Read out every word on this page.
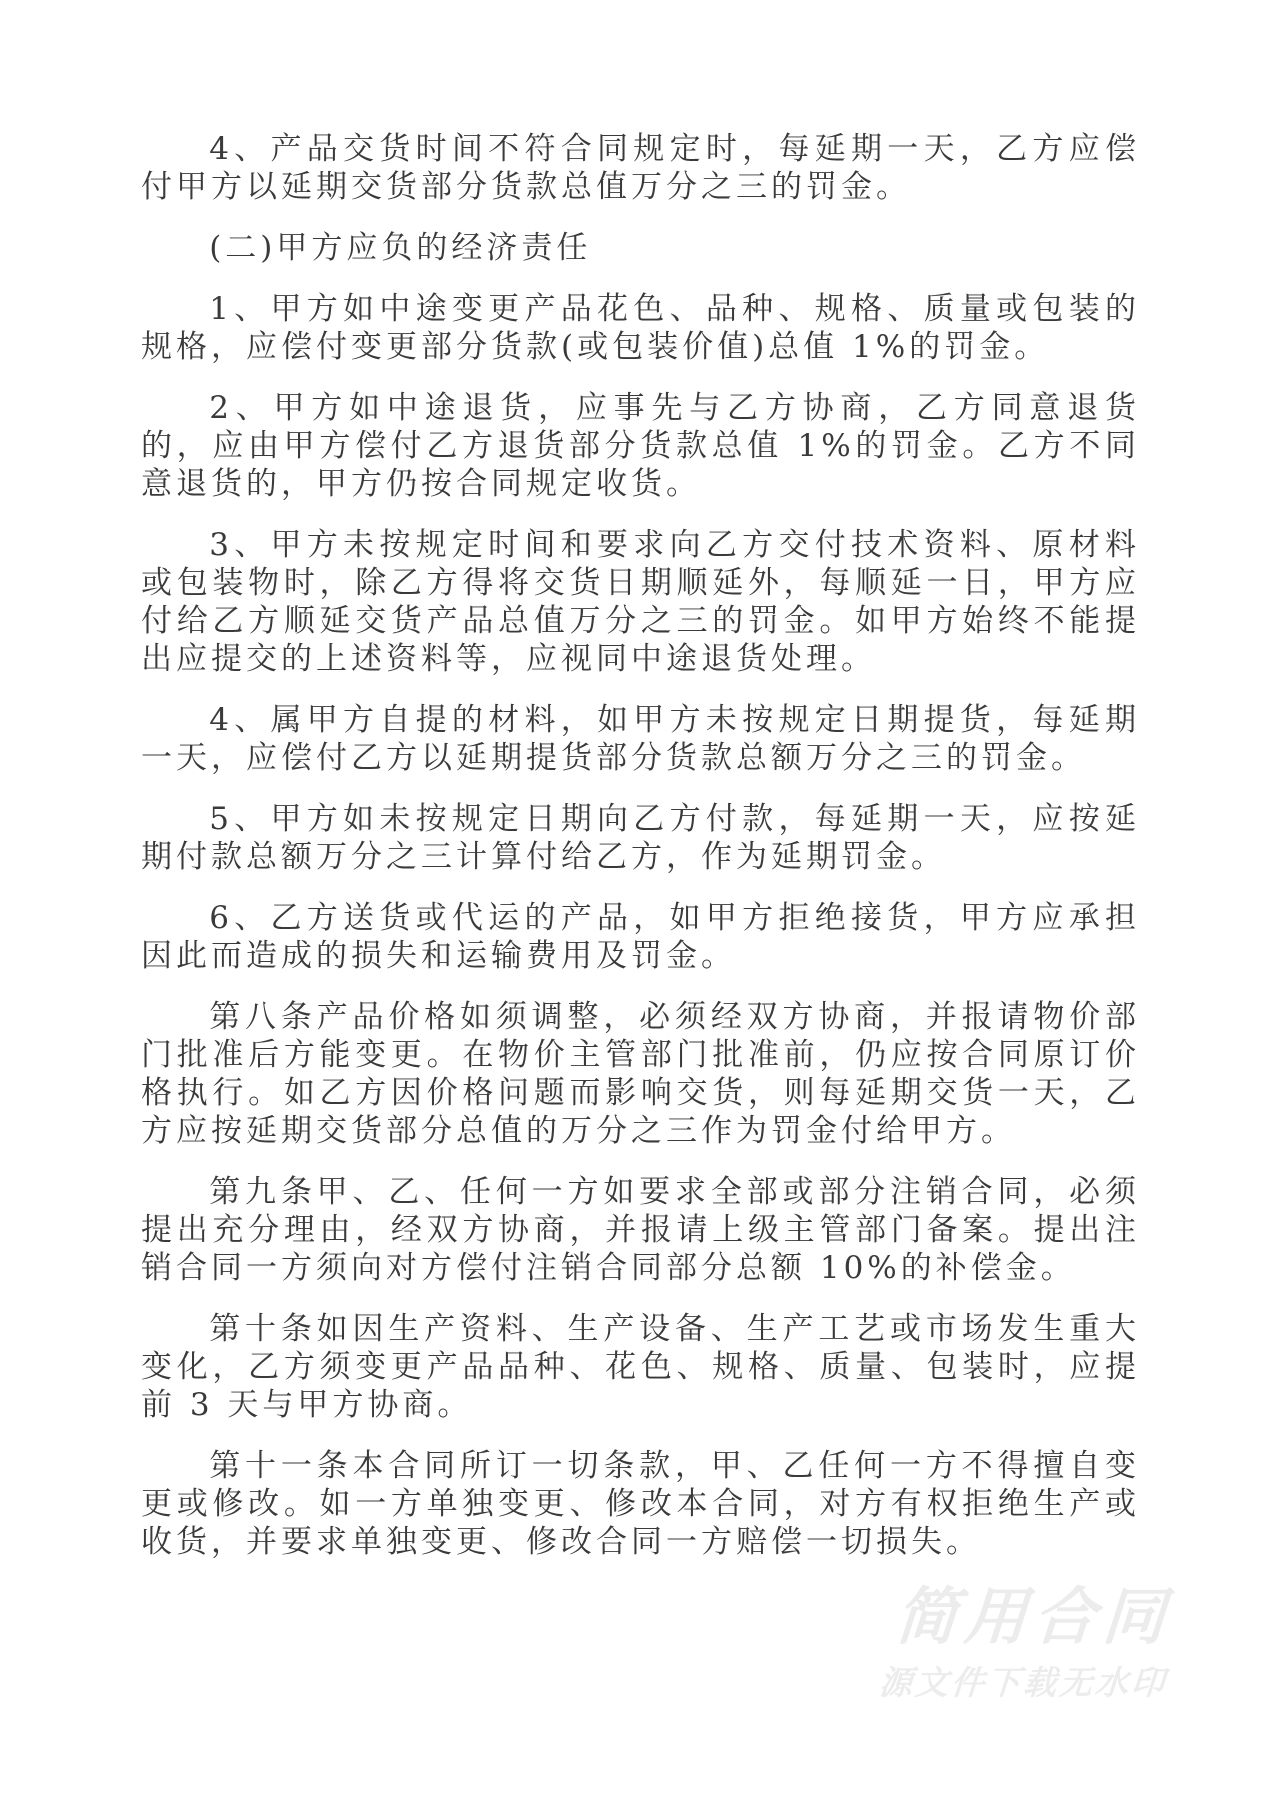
4、产品交货时间不符合同规定时，每延期一天，乙方应偿付甲方以延期交货部分货款总值万分之三的罚金。

(二)甲方应负的经济责任

1、甲方如中途变更产品花色、品种、规格、质量或包装的规格，应偿付变更部分货款(或包装价值)总值 1%的罚金。

2、甲方如中途退货，应事先与乙方协商，乙方同意退货的，应由甲方偿付乙方退货部分货款总值 1%的罚金。乙方不同意退货的，甲方仍按合同规定收货。

3、甲方未按规定时间和要求向乙方交付技术资料、原材料或包装物时，除乙方得将交货日期顺延外，每顺延一日，甲方应付给乙方顺延交货产品总值万分之三的罚金。如甲方始终不能提出应提交的上述资料等，应视同中途退货处理。

4、属甲方自提的材料，如甲方未按规定日期提货，每延期一天，应偿付乙方以延期提货部分货款总额万分之三的罚金。

5、甲方如未按规定日期向乙方付款，每延期一天，应按延期付款总额万分之三计算付给乙方，作为延期罚金。

6、乙方送货或代运的产品，如甲方拒绝接货，甲方应承担因此而造成的损失和运输费用及罚金。

第八条产品价格如须调整，必须经双方协商，并报请物价部门批准后方能变更。在物价主管部门批准前，仍应按合同原订价格执行。如乙方因价格问题而影响交货，则每延期交货一天，乙方应按延期交货部分总值的万分之三作为罚金付给甲方。

第九条甲、乙、任何一方如要求全部或部分注销合同，必须提出充分理由，经双方协商，并报请上级主管部门备案。提出注销合同一方须向对方偿付注销合同部分总额 10%的补偿金。

第十条如因生产资料、生产设备、生产工艺或市场发生重大变化，乙方须变更产品品种、花色、规格、质量、包装时，应提前 3 天与甲方协商。

第十一条本合同所订一切条款，甲、乙任何一方不得擅自变更或修改。如一方单独变更、修改本合同，对方有权拒绝生产或收货，并要求单独变更、修改合同一方赔偿一切损失。

简用合同
源文件下载无水印
